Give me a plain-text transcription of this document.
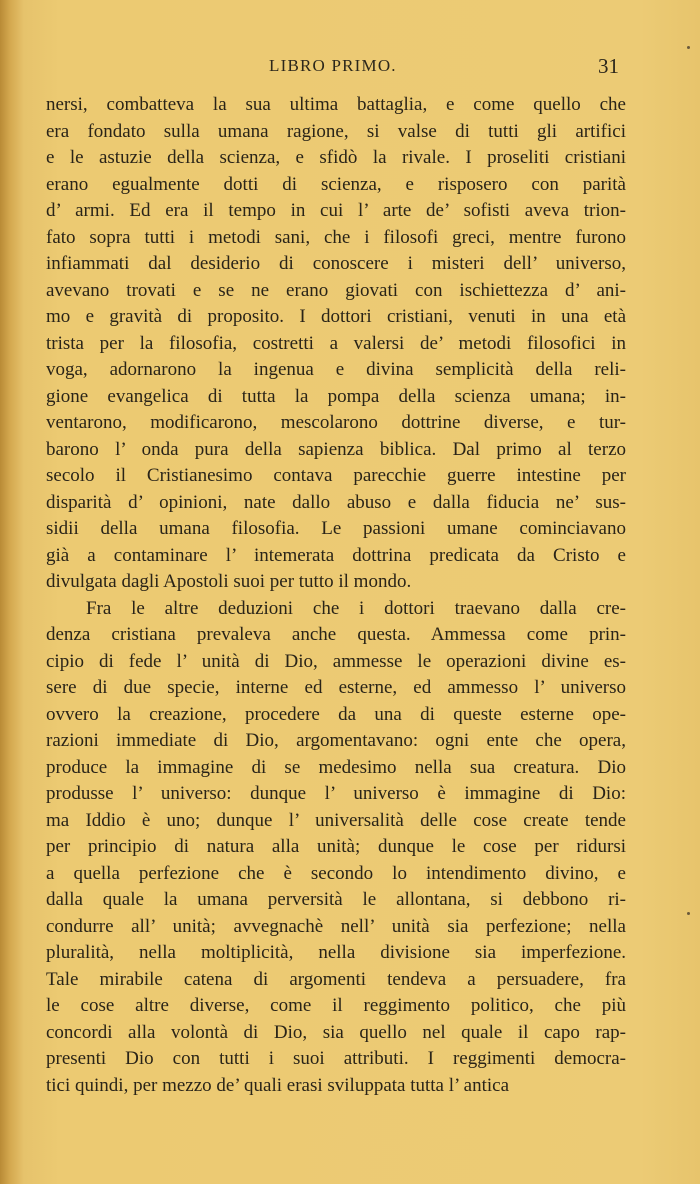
LIBRO PRIMO.	31
nersi, combatteva la sua ultima battaglia, e come quello che
era fondato sulla umana ragione, si valse di tutti gli artifici
e le astuzie della scienza, e sfidò la rivale. I proseliti cristiani
erano egualmente dotti di scienza, e risposero con parità
d’ armi. Ed era il tempo in cui l’ arte de’ sofisti aveva trion-
fato sopra tutti i metodi sani, che i filosofi greci, mentre furono
infiammati dal desiderio di conoscere i misteri dell’ universo,
avevano trovati e se ne erano giovati con ischiettezza d’ ani-
mo e gravità di proposito. I dottori cristiani, venuti in una età
trista per la filosofia, costretti a valersi de’ metodi filosofici in
voga, adornarono la ingenua e divina semplicità della reli-
gione evangelica di tutta la pompa della scienza umana; in-
ventarono, modificarono, mescolarono dottrine diverse, e tur-
barono l’ onda pura della sapienza biblica. Dal primo al terzo
secolo il Cristianesimo contava parecchie guerre intestine per
disparità d’ opinioni, nate dallo abuso e dalla fiducia ne’ sus-
sidii della umana filosofia. Le passioni umane cominciavano
già a contaminare l’ intemerata dottrina predicata da Cristo e
divulgata dagli Apostoli suoi per tutto il mondo.
Fra le altre deduzioni che i dottori traevano dalla cre-
denza cristiana prevaleva anche questa. Ammessa come prin-
cipio di fede l’ unità di Dio, ammesse le operazioni divine es-
sere di due specie, interne ed esterne, ed ammesso l’ universo
ovvero la creazione, procedere da una di queste esterne ope-
razioni immediate di Dio, argomentavano: ogni ente che opera,
produce la immagine di se medesimo nella sua creatura. Dio
produsse l’ universo: dunque l’ universo è immagine di Dio:
ma Iddio è uno; dunque l’ universalità delle cose create tende
per principio di natura alla unità; dunque le cose per ridursi
a quella perfezione che è secondo lo intendimento divino, e
dalla quale la umana perversità le allontana, si debbono ri-
condurre all’ unità; avvegnachè nell’ unità sia perfezione; nella
pluralità, nella moltiplicità, nella divisione sia imperfezione.
Tale mirabile catena di argomenti tendeva a persuadere, fra
le cose altre diverse, come il reggimento politico, che più
concordi alla volontà di Dio, sia quello nel quale il capo rap-
presenti Dio con tutti i suoi attributi. I reggimenti democra-
tici quindi, per mezzo de’ quali erasi sviluppata tutta l’ antica
